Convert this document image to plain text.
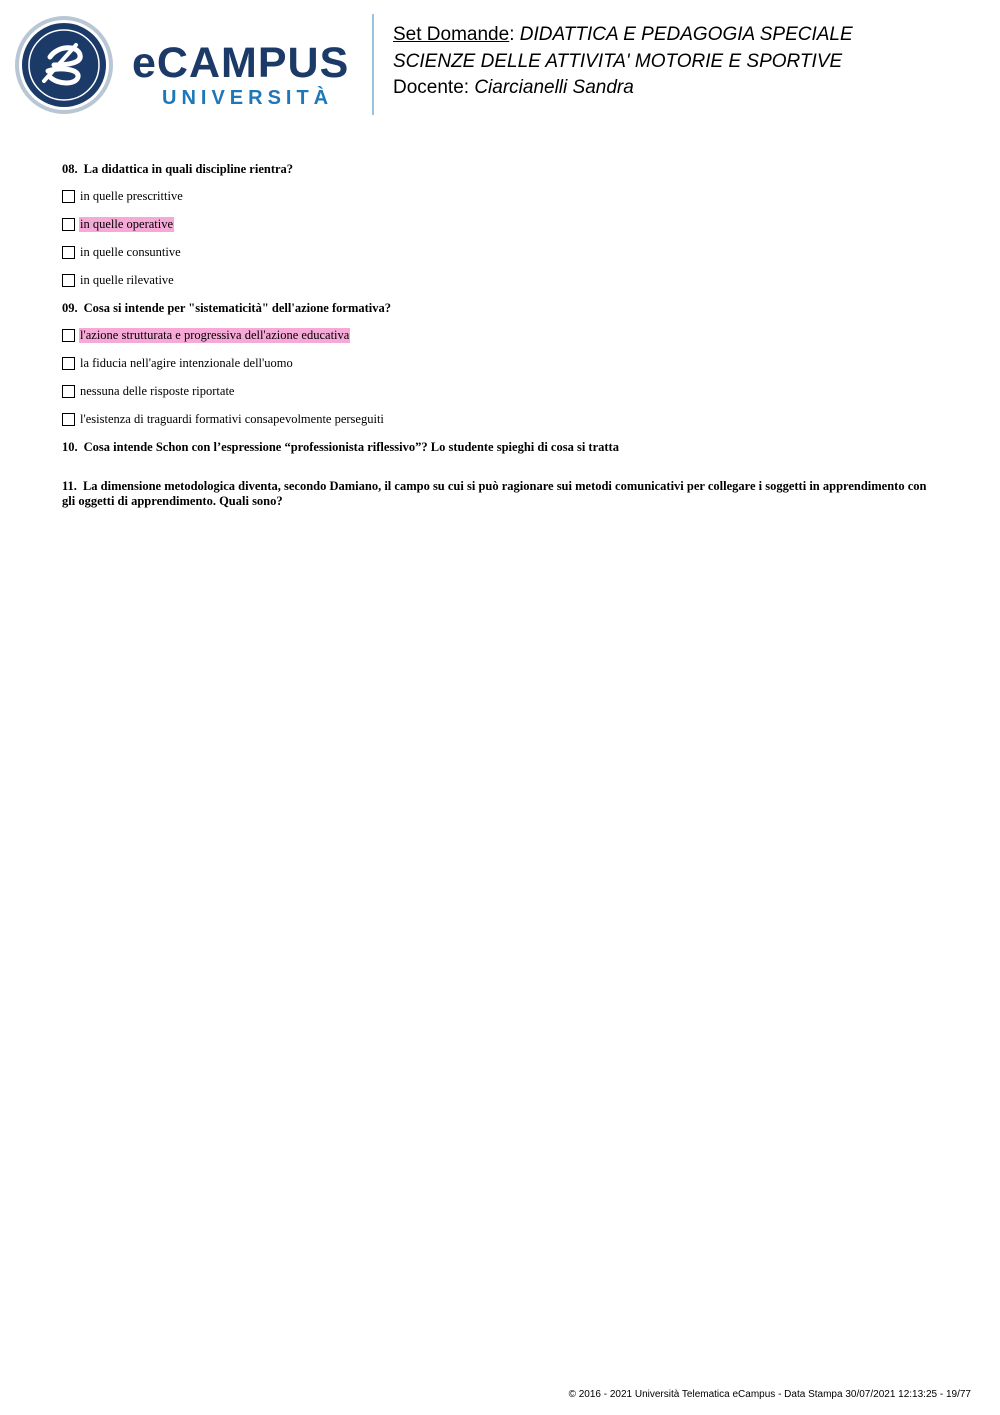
eCAMPUS
UNIVERSITÀ
Set Domande: DIDATTICA E PEDAGOGIA SPECIALE
SCIENZE DELLE ATTIVITA' MOTORIE E SPORTIVE
Docente: Ciarcianelli Sandra
08. La didattica in quali discipline rientra?
in quelle prescrittive
in quelle operative
in quelle consuntive
in quelle rilevative
09. Cosa si intende per "sistematicità" dell'azione formativa?
l'azione strutturata e progressiva dell'azione educativa
la fiducia nell'agire intenzionale dell'uomo
nessuna delle risposte riportate
l'esistenza di traguardi formativi consapevolmente perseguiti
10. Cosa intende Schon con l’espressione “professionista riflessivo”? Lo studente spieghi di cosa si tratta
11. La dimensione metodologica diventa, secondo Damiano, il campo su cui si può ragionare sui metodi comunicativi per collegare i soggetti in apprendimento con gli oggetti di apprendimento. Quali sono?
© 2016 - 2021 Università Telematica eCampus - Data Stampa 30/07/2021 12:13:25 - 19/77
